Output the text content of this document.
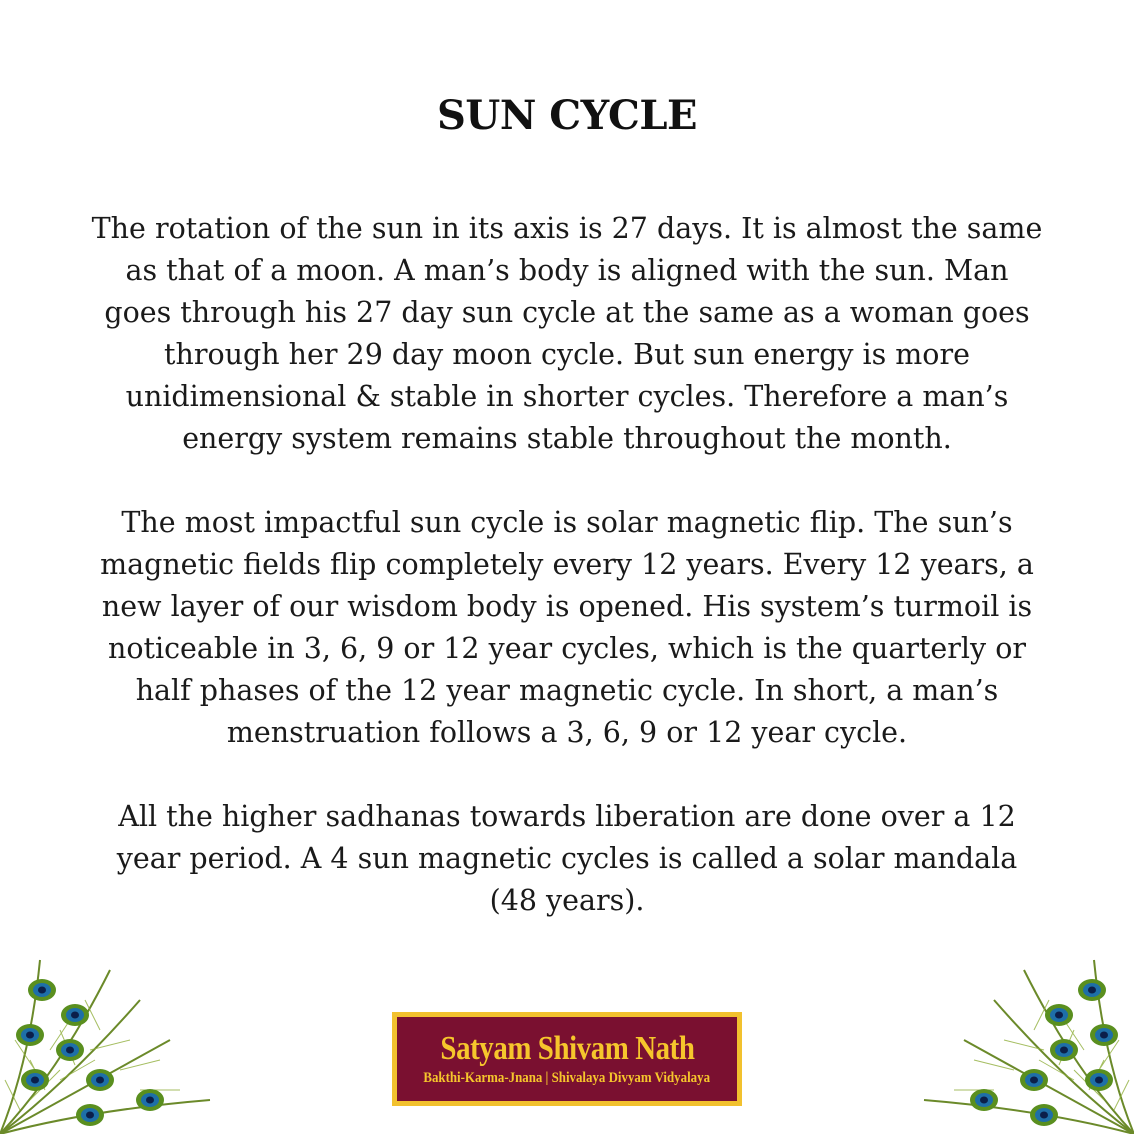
SUN CYCLE

The rotation of the sun in its axis is 27 days. It is almost the same as that of a moon. A man’s body is aligned with the sun. Man goes through his 27 day sun cycle at the same as a woman goes through her 29 day moon cycle. But sun energy is more unidimensional & stable in shorter cycles. Therefore a man’s energy system remains stable throughout the month.

The most impactful sun cycle is solar magnetic flip. The sun’s magnetic fields flip completely every 12 years. Every 12 years, a new layer of our wisdom body is opened. His system’s turmoil is noticeable in 3, 6, 9 or 12 year cycles, which is the quarterly or half phases of the 12 year magnetic cycle. In short, a man’s menstruation follows a 3, 6, 9 or 12 year cycle.

All the higher sadhanas towards liberation are done over a 12 year period. A 4 sun magnetic cycles is called a solar mandala (48 years).

Satyam Shivam Nath
Bakthi-Karma-Jnana | Shivalaya Divyam Vidyalaya
